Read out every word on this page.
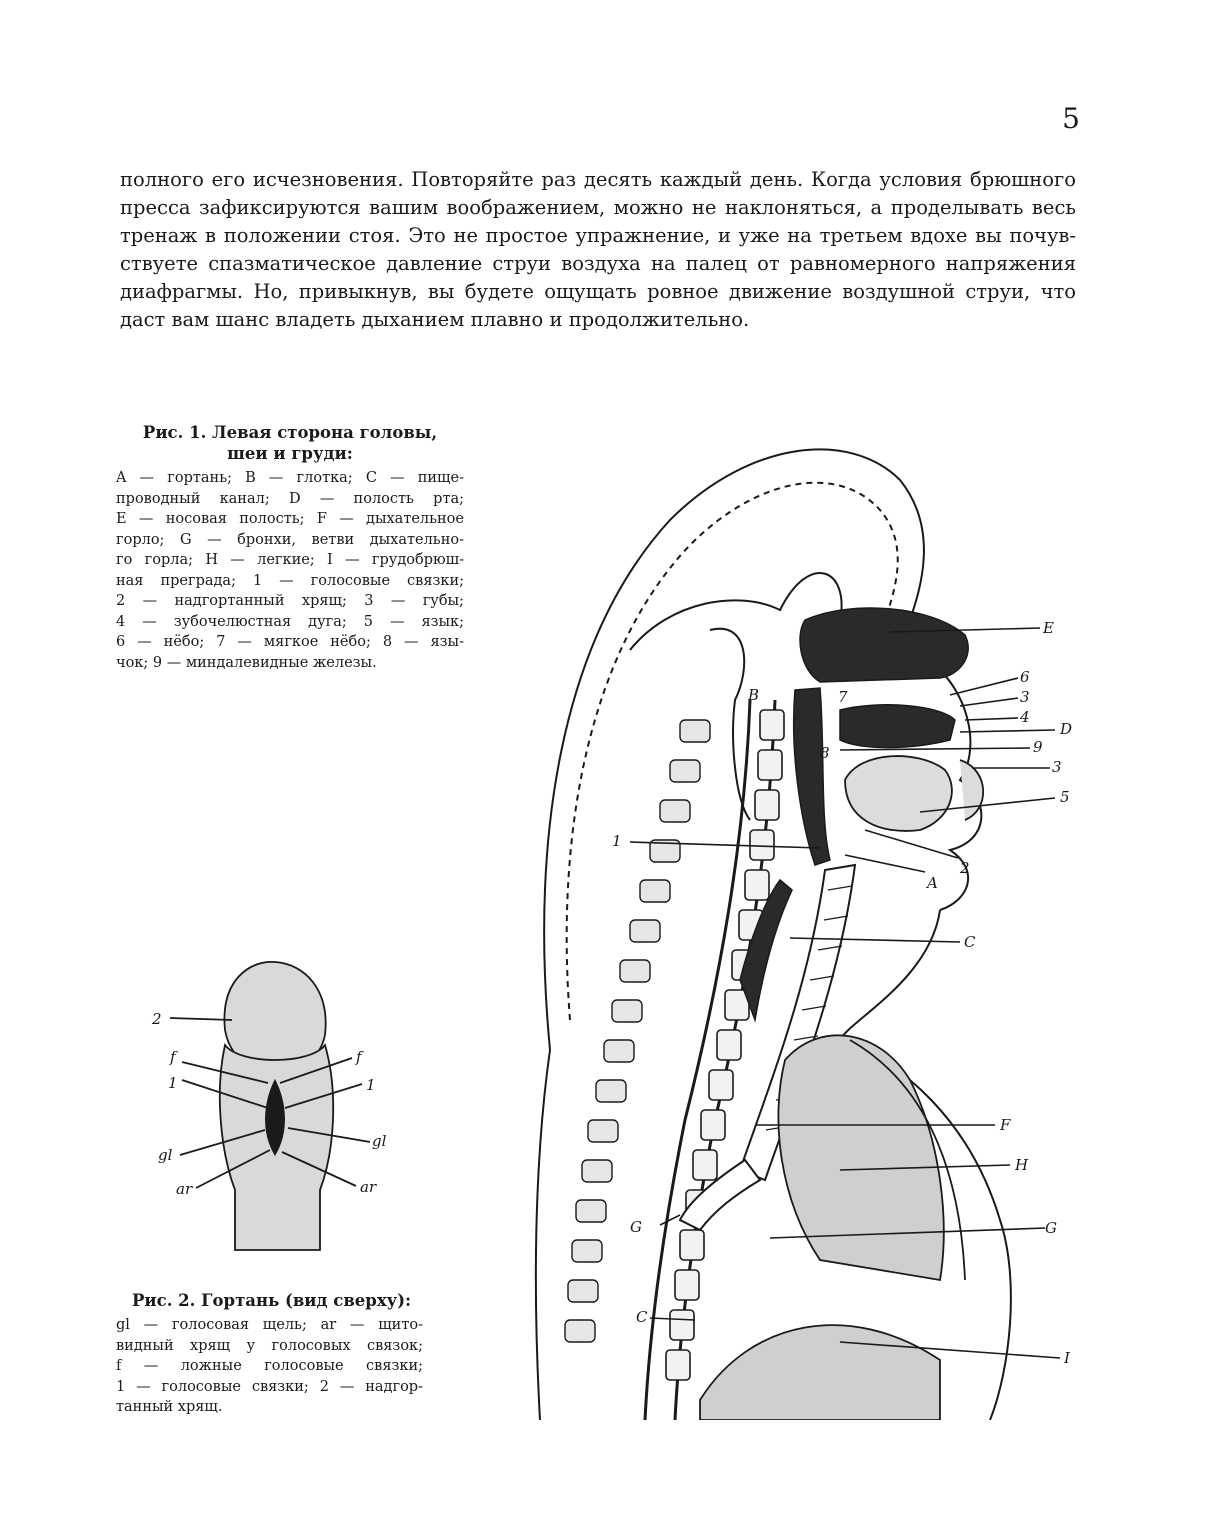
5

полного его исчезновения. Повторяйте раз десять каждый день. Когда условия брюшного
пресса зафиксируются вашим воображением, можно не наклоняться, а проделывать весь
тренаж в положении стоя. Это не простое упражнение, и уже на третьем вдохе вы почув-
ствуете спазматическое давление струи воздуха на палец от равномерного напряжения
диафрагмы. Но, привыкнув, вы будете ощущать ровное движение воздушной струи, что
даст вам шанс владеть дыханием плавно и продолжительно.

Рис. 1. Левая сторона головы,
шеи и груди:
A — гортань; B — глотка; C — пище-
проводный канал; D — полость рта;
E — носовая полость; F — дыхательное
горло; G — бронхи, ветви дыхательно-
го горла; H — легкие; I — грудобрюш-
ная преграда; 1 — голосовые связки;
2 — надгортанный хрящ; 3 — губы;
4 — зубочелюстная дуга; 5 — язык;
6 — нёбо; 7 — мягкое нёбо; 8 — язы-
чок; 9 — миндалевидные железы.
E
6
3
4
D
9
3
5
2
A
1
B	7
8
C
F
H
G
G
C
I
2
f	f
1	1
gl
gl
ar	ar
Рис. 2. Гортань (вид сверху):
gl — голосовая щель; ar — щито-
видный хрящ у голосовых связок;
f — ложные голосовые связки;
1 — голосовые связки; 2 — надгор-
танный хрящ.
